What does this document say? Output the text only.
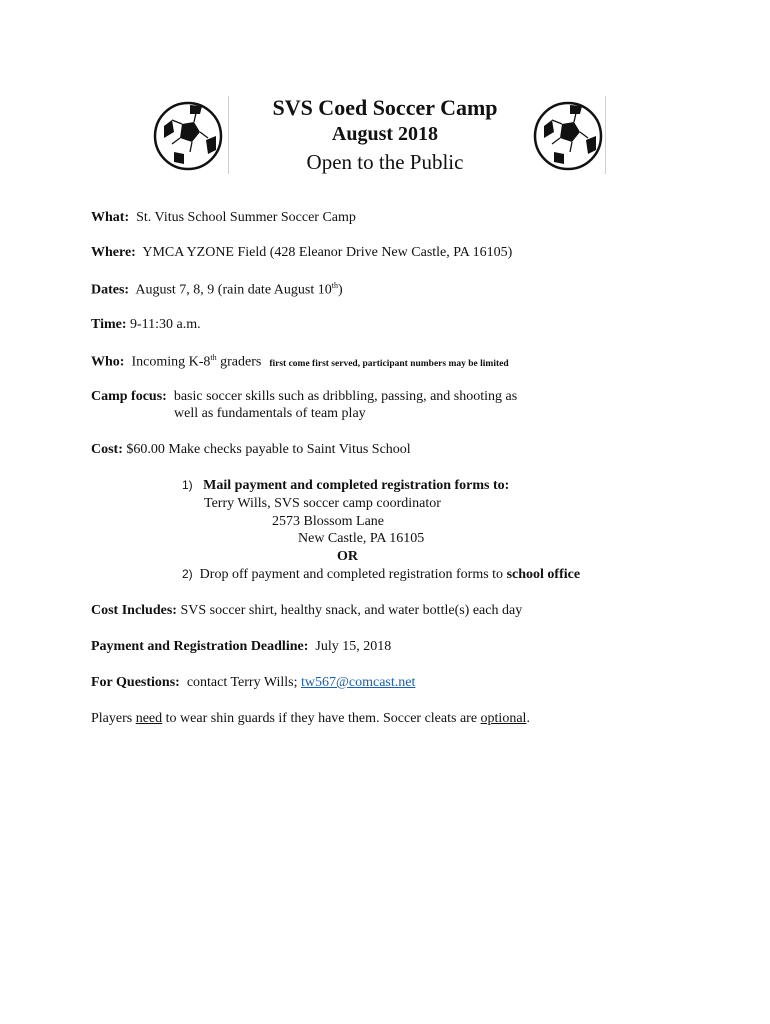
SVS Coed Soccer Camp
August 2018
Open to the Public
What: St. Vitus School Summer Soccer Camp
Where: YMCA YZONE Field (428 Eleanor Drive New Castle, PA 16105)
Dates: August 7, 8, 9 (rain date August 10th)
Time: 9-11:30 a.m.
Who: Incoming K-8th graders first come first served, participant numbers may be limited
Camp focus: basic soccer skills such as dribbling, passing, and shooting as
well as fundamentals of team play
Cost: $60.00 Make checks payable to Saint Vitus School
1) Mail payment and completed registration forms to:
Terry Wills, SVS soccer camp coordinator
2573 Blossom Lane
New Castle, PA 16105
OR
2) Drop off payment and completed registration forms to school office
Cost Includes: SVS soccer shirt, healthy snack, and water bottle(s) each day
Payment and Registration Deadline: July 15, 2018
For Questions: contact Terry Wills; tw567@comcast.net
Players need to wear shin guards if they have them. Soccer cleats are optional.
